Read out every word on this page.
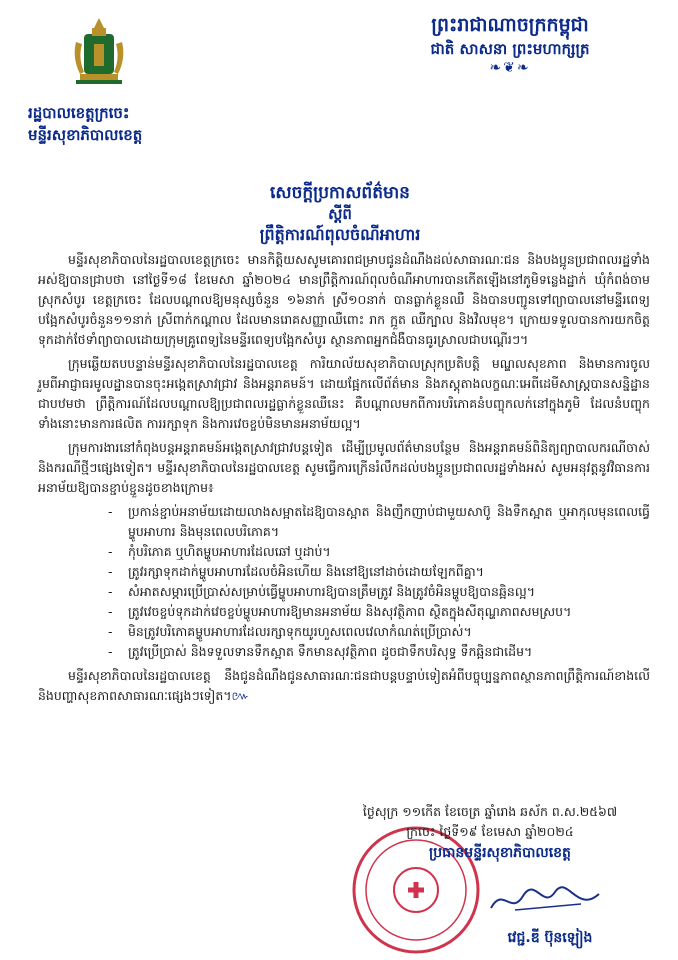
ព្រះរាជាណាចក្រកម្ពុជា
ជាតិ សាសនា ព្រះមហាក្សត្រ
❧❦❧
រដ្ឋបាលខេត្តក្រចេះ
មន្ទីរសុខាភិបាលខេត្ត
សេចក្តីប្រកាសព័ត៌មាន
ស្តីពី
ព្រឹត្តិការណ៍ពុលចំណីអាហារ

មន្ទីរសុខាភិបាលនៃរដ្ឋបាលខេត្តក្រចេះ មានកិត្តិយសសូមគោរពជម្រាបជូនដំណឹងដល់សាធារណៈជន និងបងប្អូនប្រជាពលរដ្ឋទាំងអស់ឱ្យបានជ្រាបថា នៅថ្ងៃទី១៨ ខែមេសា ឆ្នាំ២០២៤ មានព្រឹត្តិការណ៍ពុលចំណីអាហារបានកើតឡើងនៅភូមិទន្លេងដ្ឋាក់ ឃុំកំពង់ចាម ស្រុកសំបូរ ខេត្តក្រចេះ ដែលបណ្តាលឱ្យមនុស្សចំនួន ១៦នាក់ ស្រី១០នាក់ បានធ្លាក់ខ្លួនឈឺ និងបានបញ្ជូនទៅព្យាបាលនៅមន្ទីរពេទ្យបង្អែកសំបូរចំនួន១១នាក់ ស្រីពាក់កណ្តាល ដែលមានរោគសញ្ញាឈឺពោះ រាក ក្អួត ឈឺក្បាល និងវិលមុខ។ ក្រោយទទួលបានការយកចិត្តទុកដាក់ថែទាំព្យាបាលដោយក្រុមគ្រូពេទ្យនៃមន្ទីរពេទ្យបង្អែកសំបូរ ស្ថានភាពអ្នកជំងឺបានធូរស្រាលជាបណ្តើរៗ។

ក្រុមឆ្លើយតបបន្ទាន់មន្ទីរសុខាភិបាលនៃរដ្ឋបាលខេត្ត ការិយាល័យសុខាភិបាលស្រុកប្រតិបត្តិ មណ្ឌលសុខភាព និងមានការចូលរួមពីអាជ្ញាធរមូលដ្ឋានបានចុះអង្កេតស្រាវជ្រាវ និងអន្តរាគមន៍។ ដោយផ្អែកលើព័ត៌មាន និងភស្តុតាងលក្ខណៈអេពីដេមីសាស្ត្របានសន្និដ្ឋានជាបឋមថា ព្រឹត្តិការណ៍ដែលបណ្តាលឱ្យប្រជាពលរដ្ឋធ្លាក់ខ្លួនឈឺនេះ គឺបណ្តាលមកពីការបរិភោគនំបញ្ចុកលក់នៅក្នុងភូមិ ដែលនំបញ្ចុកទាំងនោះមានការផលិត ការរក្សាទុក និងការវេចខ្ចប់មិនមានអនាម័យល្អ។

ក្រុមការងារនៅកំពុងបន្តអន្តរាគមន៍អង្កេតស្រាវជ្រាវបន្តទៀត ដើម្បីប្រមូលព័ត៌មានបន្ថែម និងអន្តរាគមន៍ពិនិត្យព្យាបាលករណីចាស់ និងករណីថ្មីៗផ្សេងទៀត។ មន្ទីរសុខាភិបាលនៃរដ្ឋបាលខេត្ត សូមធ្វើការក្រើនរំលឹកដល់បងប្អូនប្រជាពលរដ្ឋទាំងអស់ សូមអនុវត្តនូវវិធានការអនាម័យឱ្យបានខ្ជាប់ខ្ជួនដូចខាងក្រោម៖

- ប្រកាន់ខ្ជាប់អនាម័យដោយលាងសម្អាតដៃឱ្យបានស្អាត និងញឹកញាប់ជាមួយសាប៊ូ និងទឹកស្អាត ឬអាកុលមុនពេលធ្វើម្ហូបអាហារ និងមុនពេលបរិភោគ។
- កុំបរិភោគ ឬហិតម្ហូបអាហារដែលឆៅ ឬដាប់។
- ត្រូវរក្សាទុកដាក់ម្ហូបអាហារដែលចំអិនហើយ និងនៅឱ្យនៅដាច់ដោយឡែកពីគ្នា។
- សំអាតសម្ភារប្រើប្រាស់សម្រាប់ធ្វើម្ហូបអាហារឱ្យបានត្រឹមត្រូវ និងត្រូវចំអិនម្ហូបឱ្យបានឆ្អិនល្អ។
- ត្រូវវេចខ្ចប់ទុកដាក់វេចខ្ចប់ម្ហូបអាហារឱ្យមានអនាម័យ និងសុវត្ថិភាព ស្ថិតក្នុងសីតុណ្ហភាពសមស្រប។
- មិនត្រូវបរិភោគម្ហូបអាហារដែលរក្សាទុកយូរហួសពេលវេលាកំណត់ប្រើប្រាស់។
- ត្រូវប្រើប្រាស់ និងទទួលទានទឹកស្អាត ទឹកមានសុវត្ថិភាព ដូចជាទឹកបរិសុទ្ធ ទឹកឆ្អិនជាដើម។

មន្ទីរសុខាភិបាលនៃរដ្ឋបាលខេត្ត នឹងជូនដំណឹងជូនសាធារណៈជនជាបន្តបន្ទាប់ទៀតអំពីបច្ចុប្បន្នភាពស្ថានភាពព្រឹត្តិការណ៍ខាងលើ និងបញ្ហាសុខភាពសាធារណៈផ្សេងៗទៀត។៚

ថ្ងៃសុក្រ ១១កើត ខែចេត្រ ឆ្នាំរោង ឆស័ក ព.ស.២៥៦៧
ក្រចេះ ថ្ងៃទី១៩ ខែមេសា ឆ្នាំ២០២៤
ប្រធានមន្ទីរសុខាភិបាលខេត្ត
វេជ្ជ.ឌី ប៊ុនឡៀង
